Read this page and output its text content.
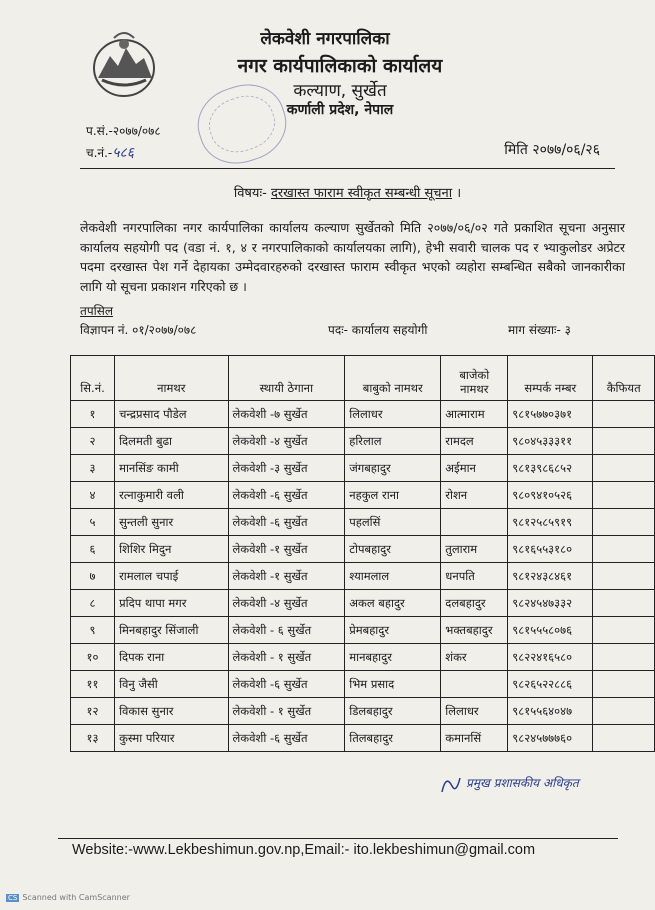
लेकवेशी नगरपालिका
नगर कार्यपालिकाको कार्यालय
कल्याण, सुर्खेत
कर्णाली प्रदेश, नेपाल
प.सं.-२०७७/०७८
च.नं.-५८६	मिति २०७७/०६/२६
विषयः- दरखास्त फाराम स्वीकृत सम्बन्धी सूचना ।
लेकवेशी नगरपालिका नगर कार्यपालिका कार्यालय कल्याण सुर्खेतको मिति २०७७/०६/०२ गते प्रकाशित सूचना अनुसार कार्यालय सहयोगी पद (वडा नं. १, ४ र नगरपालिकाको कार्यालयका लागि), हेभी सवारी चालक पद र भ्याकुलोडर अप्रेटर पदमा दरखास्त पेश गर्ने देहायका उम्मेदवारहरुको दरखास्त फाराम स्वीकृत भएको व्यहोरा सम्बन्धित सबैको जानकारीका लागि यो सूचना प्रकाशन गरिएको छ ।
तपसिल
विज्ञापन नं. ०१/२०७७/०७८	पदः- कार्यालय सहयोगी	माग संख्याः- ३
सि.नं.	नामथर	स्थायी ठेगाना	बाबुको नामथर	बाजेको नामथर	सम्पर्क नम्बर	कैफियत
१	चन्द्रप्रसाद पौडेल	लेकवेशी -७ सुर्खेत	लिलाधर	आत्माराम	९८१५७७०३७१	
२	दिलमती बुढा	लेकवेशी -४ सुर्खेत	हरिलाल	रामदल	९८०४५३३३११	
३	मानसिंङ कामी	लेकवेशी -३ सुर्खेत	जंगबहादुर	अईमान	९८१३९८६८५२	
४	रत्नाकुमारी वली	लेकवेशी -६ सुर्खेत	नहकुल राना	रोशन	९८०९४१०५२६	
५	सुन्तली सुनार	लेकवेशी -६ सुर्खेत	पहलसिं		९८१२५८५९१९	
६	शिशिर मिदुन	लेकवेशी -१ सुर्खेत	टोपबहादुर	तुलाराम	९८१६५५३१८०	
७	रामलाल चपाई	लेकवेशी -१ सुर्खेत	श्यामलाल	धनपति	९८१२४३८४६१	
८	प्रदिप थापा मगर	लेकवेशी -४ सुर्खेत	अकल बहादुर	दलबहादुर	९८२४५४७३३२	
९	मिनबहादुर सिंजाली	लेकवेशी - ६ सुर्खेत	प्रेमबहादुर	भक्तबहादुर	९८१५५५८०७६	
१०	दिपक राना	लेकवेशी - १ सुर्खेत	मानबहादुर	शंकर	९८२२४१६५८०	
११	विनु जैसी	लेकवेशी -६ सुर्खेत	भिम प्रसाद		९८२६५२२८८६	
१२	विकास सुनार	लेकवेशी - १ सुर्खेत	डिलबहादुर	लिलाधर	९८१५५६४०४७	
१३	कुस्मा परियार	लेकवेशी -६ सुर्खेत	तिलबहादुर	कमानसिं	९८२४५७७७६०	
प्रमुख प्रशासकीय अधिकृत
Website:-www.Lekbeshimun.gov.np,Email:- ito.lekbeshimun@gmail.com
CS Scanned with CamScanner
